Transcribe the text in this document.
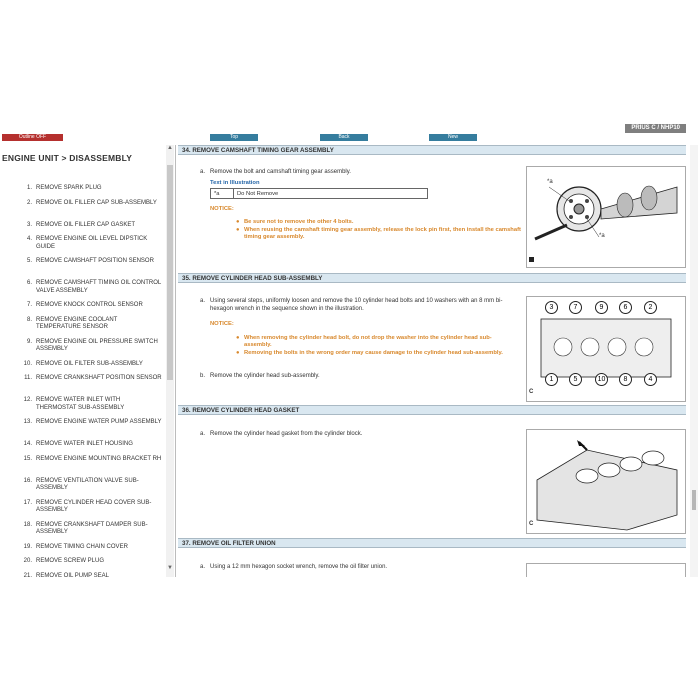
Outline OFF	Top	Back	New
PRIUS C / NHP10
ENGINE UNIT > DISASSEMBLY
1. REMOVE SPARK PLUG
2. REMOVE OIL FILLER CAP SUB-ASSEMBLY
3. REMOVE OIL FILLER CAP GASKET
4. REMOVE ENGINE OIL LEVEL DIPSTICK GUIDE
5. REMOVE CAMSHAFT POSITION SENSOR
6. REMOVE CAMSHAFT TIMING OIL CONTROL VALVE ASSEMBLY
7. REMOVE KNOCK CONTROL SENSOR
8. REMOVE ENGINE COOLANT TEMPERATURE SENSOR
9. REMOVE ENGINE OIL PRESSURE SWITCH ASSEMBLY
10. REMOVE OIL FILTER SUB-ASSEMBLY
11. REMOVE CRANKSHAFT POSITION SENSOR
12. REMOVE WATER INLET WITH THERMOSTAT SUB-ASSEMBLY
13. REMOVE ENGINE WATER PUMP ASSEMBLY
14. REMOVE WATER INLET HOUSING
15. REMOVE ENGINE MOUNTING BRACKET RH
16. REMOVE VENTILATION VALVE SUB-ASSEMBLY
17. REMOVE CYLINDER HEAD COVER SUB-ASSEMBLY
18. REMOVE CRANKSHAFT DAMPER SUB-ASSEMBLY
19. REMOVE TIMING CHAIN COVER
20. REMOVE SCREW PLUG
21. REMOVE OIL PUMP SEAL
▲
▼
34. REMOVE CAMSHAFT TIMING GEAR ASSEMBLY
a. Remove the bolt and camshaft timing gear assembly.
Text in Illustration
*a	Do Not Remove
NOTICE:
● Be sure not to remove the other 4 bolts.
● When reusing the camshaft timing gear assembly, release the lock pin first, then install the camshaft timing gear assembly.
*a
*a
35. REMOVE CYLINDER HEAD SUB-ASSEMBLY
a. Using several steps, uniformly loosen and remove the 10 cylinder head bolts and 10 washers with an 8 mm bi-hexagon wrench in the sequence shown in the illustration.
NOTICE:
● When removing the cylinder head bolt, do not drop the washer into the cylinder head sub-assembly.
● Removing the bolts in the wrong order may cause damage to the cylinder head sub-assembly.
b. Remove the cylinder head sub-assembly.
3	7	9	6	2
1	5	10	8	4
C
36. REMOVE CYLINDER HEAD GASKET
a. Remove the cylinder head gasket from the cylinder block.
C
37. REMOVE OIL FILTER UNION
a. Using a 12 mm hexagon socket wrench, remove the oil filter union.
